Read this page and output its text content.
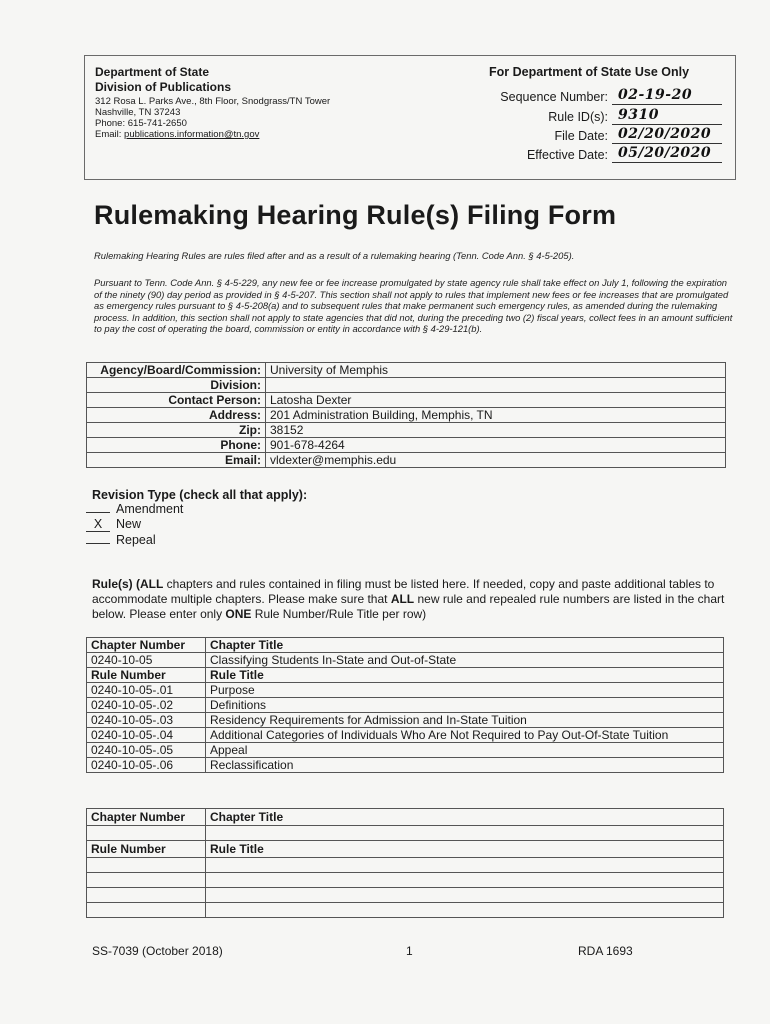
Department of State
Division of Publications
312 Rosa L. Parks Ave., 8th Floor, Snodgrass/TN Tower
Nashville, TN 37243
Phone: 615-741-2650
Email: publications.information@tn.gov
For Department of State Use Only
Sequence Number: 02-19-20
Rule ID(s): 9310
File Date: 02/20/2020
Effective Date: 05/20/2020
Rulemaking Hearing Rule(s) Filing Form
Rulemaking Hearing Rules are rules filed after and as a result of a rulemaking hearing (Tenn. Code Ann. § 4-5-205).
Pursuant to Tenn. Code Ann. § 4-5-229, any new fee or fee increase promulgated by state agency rule shall take effect on July 1, following the expiration of the ninety (90) day period as provided in § 4-5-207. This section shall not apply to rules that implement new fees or fee increases that are promulgated as emergency rules pursuant to § 4-5-208(a) and to subsequent rules that make permanent such emergency rules, as amended during the rulemaking process. In addition, this section shall not apply to state agencies that did not, during the preceding two (2) fiscal years, collect fees in an amount sufficient to pay the cost of operating the board, commission or entity in accordance with § 4-29-121(b).
Agency/Board/Commission:	University of Memphis
Division:	
Contact Person:	Latosha Dexter
Address:	201 Administration Building, Memphis, TN
Zip:	38152
Phone:	901-678-4264
Email:	vldexter@memphis.edu
Revision Type (check all that apply):
Amendment
X New
Repeal
Rule(s) (ALL chapters and rules contained in filing must be listed here. If needed, copy and paste additional tables to accommodate multiple chapters. Please make sure that ALL new rule and repealed rule numbers are listed in the chart below. Please enter only ONE Rule Number/Rule Title per row)
Chapter Number	Chapter Title
0240-10-05	Classifying Students In-State and Out-of-State
Rule Number	Rule Title
0240-10-05-.01	Purpose
0240-10-05-.02	Definitions
0240-10-05-.03	Residency Requirements for Admission and In-State Tuition
0240-10-05-.04	Additional Categories of Individuals Who Are Not Required to Pay Out-Of-State Tuition
0240-10-05-.05	Appeal
0240-10-05-.06	Reclassification
Chapter Number	Chapter Title

Rule Number	Rule Title

SS-7039 (October 2018)	1	RDA 1693
